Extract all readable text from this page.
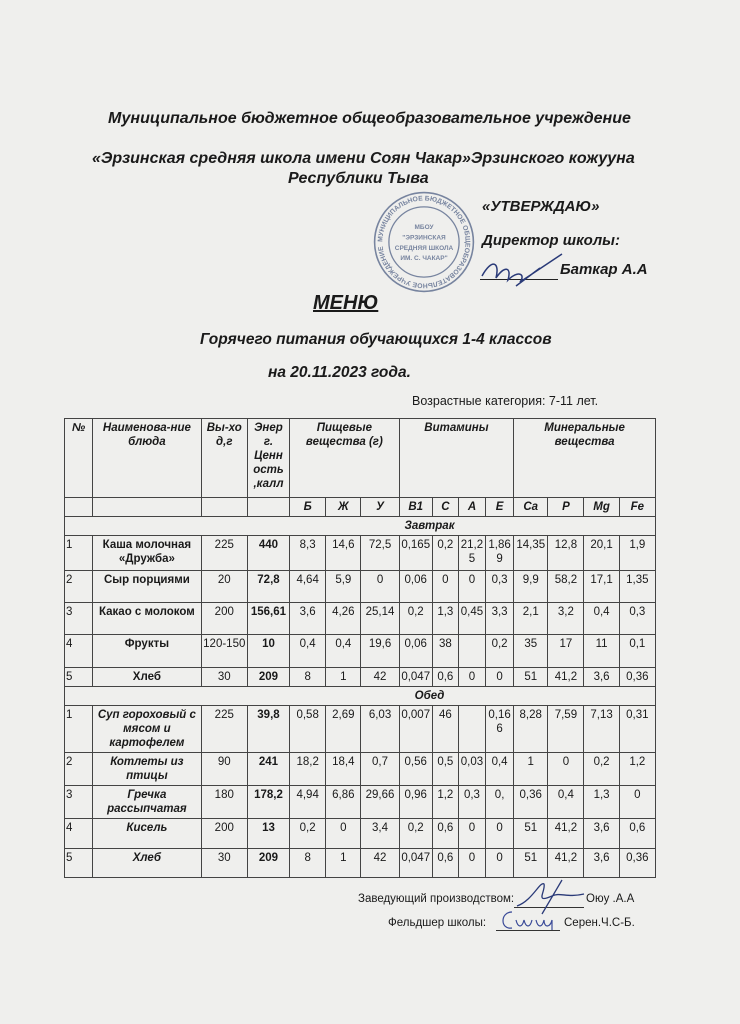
Муниципальное бюджетное общеобразовательное учреждение
«Эрзинская средняя школа имени Соян Чакар»Эрзинского кожууна
Республики Тыва
МУНИЦИПАЛЬНОЕ БЮДЖЕТНОЕ ОБЩЕОБРАЗОВАТЕЛЬНОЕ УЧРЕЖДЕНИЕ
МБОУ
"ЭРЗИНСКАЯ
СРЕДНЯЯ ШКОЛА
ИМ. С. ЧАКАР"
«УТВЕРЖДАЮ»
Директор школы:
Баткар А.А
МЕНЮ
Горячего питания обучающихся 1-4 классов
на 20.11.2023 года.
Возрастные категория: 7-11 лет.
№	Наименова-ние блюда	Вы-ход,г	Энер г. Ценн ость ,калл	Пищевые вещества (г)			Витамины				Минеральные вещества			
				Б	Ж	У	В1	С	А	Е	Ca	P	Mg	Fe
Завтрак														
1	Каша молочная «Дружба»	225	440	8,3	14,6	72,5	0,165	0,2	21,25	1,869	14,35	12,8	20,1	1,9
2	Сыр порциями	20	72,8	4,64	5,9	0	0,06	0	0	0,3	9,9	58,2	17,1	1,35
3	Какао с молоком	200	156,61	3,6	4,26	25,14	0,2	1,3	0,45	3,3	2,1	3,2	0,4	0,3
4	Фрукты	120-150	10	0,4	0,4	19,6	0,06	38		0,2	35	17	11	0,1
5	Хлеб	30	209	8	1	42	0,047	0,6	0	0	51	41,2	3,6	0,36
Обед														
1	Суп гороховый с мясом и картофелем	225	39,8	0,58	2,69	6,03	0,007	46		0,166	8,28	7,59	7,13	0,31
2	Котлеты из птицы	90	241	18,2	18,4	0,7	0,56	0,5	0,03	0,4	1	0	0,2	1,2
3	Гречка рассыпчатая	180	178,2	4,94	6,86	29,66	0,96	1,2	0,3	0,	0,36	0,4	1,3	0
4	Кисель	200	13	0,2	0	3,4	0,2	0,6	0	0	51	41,2	3,6	0,6
5	Хлеб	30	209	8	1	42	0,047	0,6	0	0	51	41,2	3,6	0,36
Заведующий производством:	Оюу .А.А
Фельдшер школы:	Серен.Ч.С-Б.
